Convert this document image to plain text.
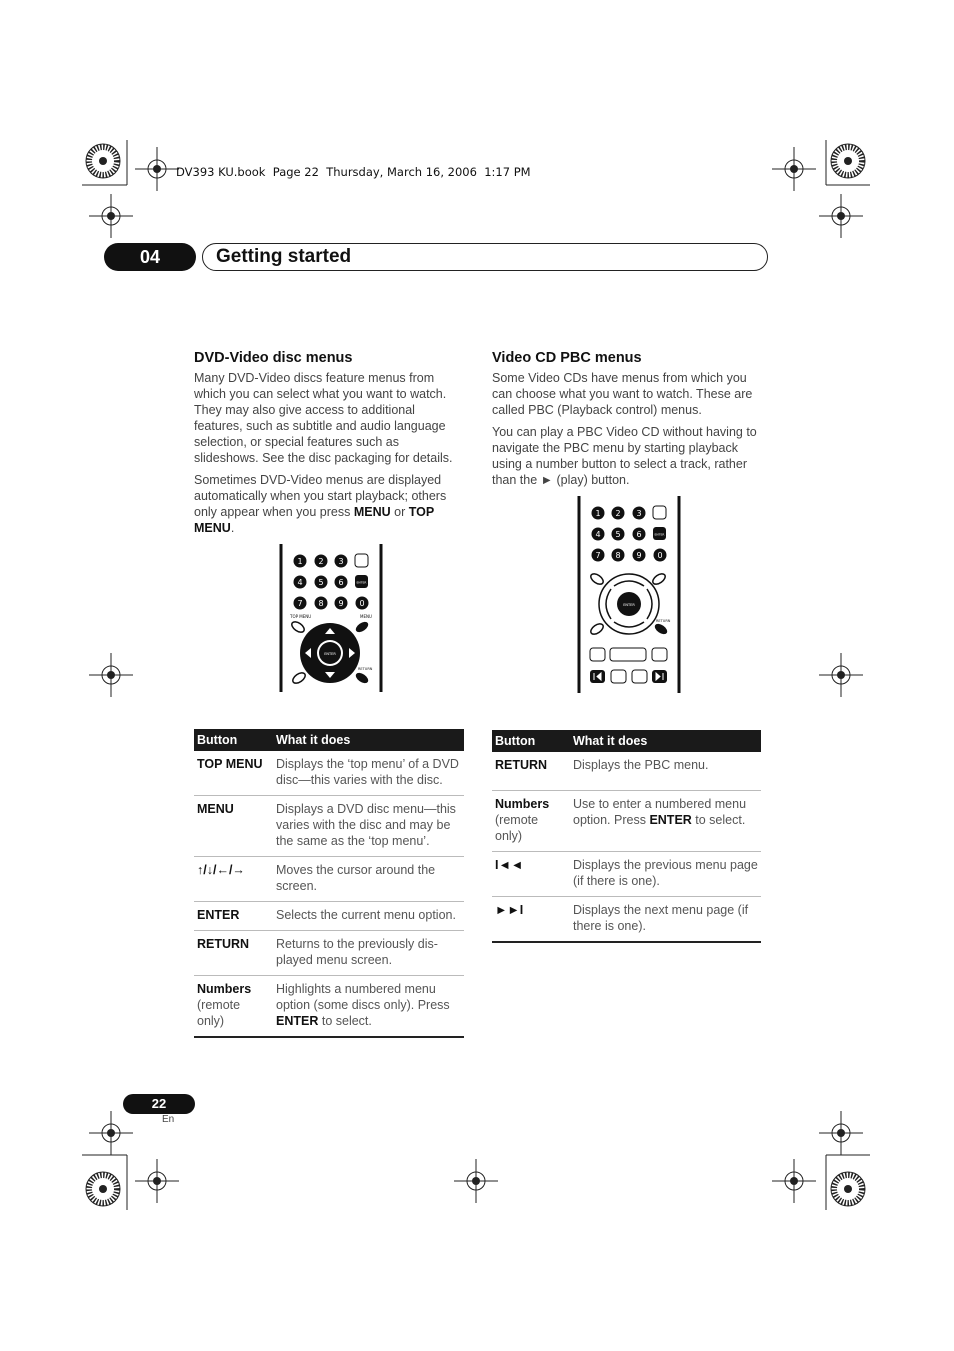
DV393 KU.book  Page 22  Thursday, March 16, 2006  1:17 PM
04	Getting started
DVD-Video disc menus

Many DVD-Video discs feature menus from which you can select what you want to watch. They may also give access to additional features, such as subtitle and audio language selection, or special features such as slideshows. See the disc packaging for details.

Sometimes DVD-Video menus are displayed automatically when you start playback; others only appear when you press MENU or TOP MENU.

1 2 3
4 5 6	ENTER
7 8 9 0
TOP MENU	MENU
ENTER
RETURN
Video CD PBC menus

Some Video CDs have menus from which you can choose what you want to watch. These are called PBC (Playback control) menus.

You can play a PBC Video CD without having to navigate the PBC menu by starting playback using a number button to select a track, rather than the ► (play) button.

1 2 3
4 5 6	ENTER
7 8 9 0
ENTER
RETURN
Button	What it does
TOP MENU	Displays the ‘top menu’ of a DVD disc—this varies with the disc.
MENU	Displays a DVD disc menu—this varies with the disc and may be the same as the ‘top menu’.
↑/↓/←/→	Moves the cursor around the screen.
ENTER	Selects the current menu option.
RETURN	Returns to the previously dis-played menu screen.
Numbers
(remote only)	Highlights a numbered menu option (some discs only). Press ENTER to select.
Button	What it does
RETURN	Displays the PBC menu.
Numbers
(remote only)	Use to enter a numbered menu option. Press ENTER to select.
I◄◄	Displays the previous menu page (if there is one).
►►I	Displays the next menu page (if there is one).
22
En
